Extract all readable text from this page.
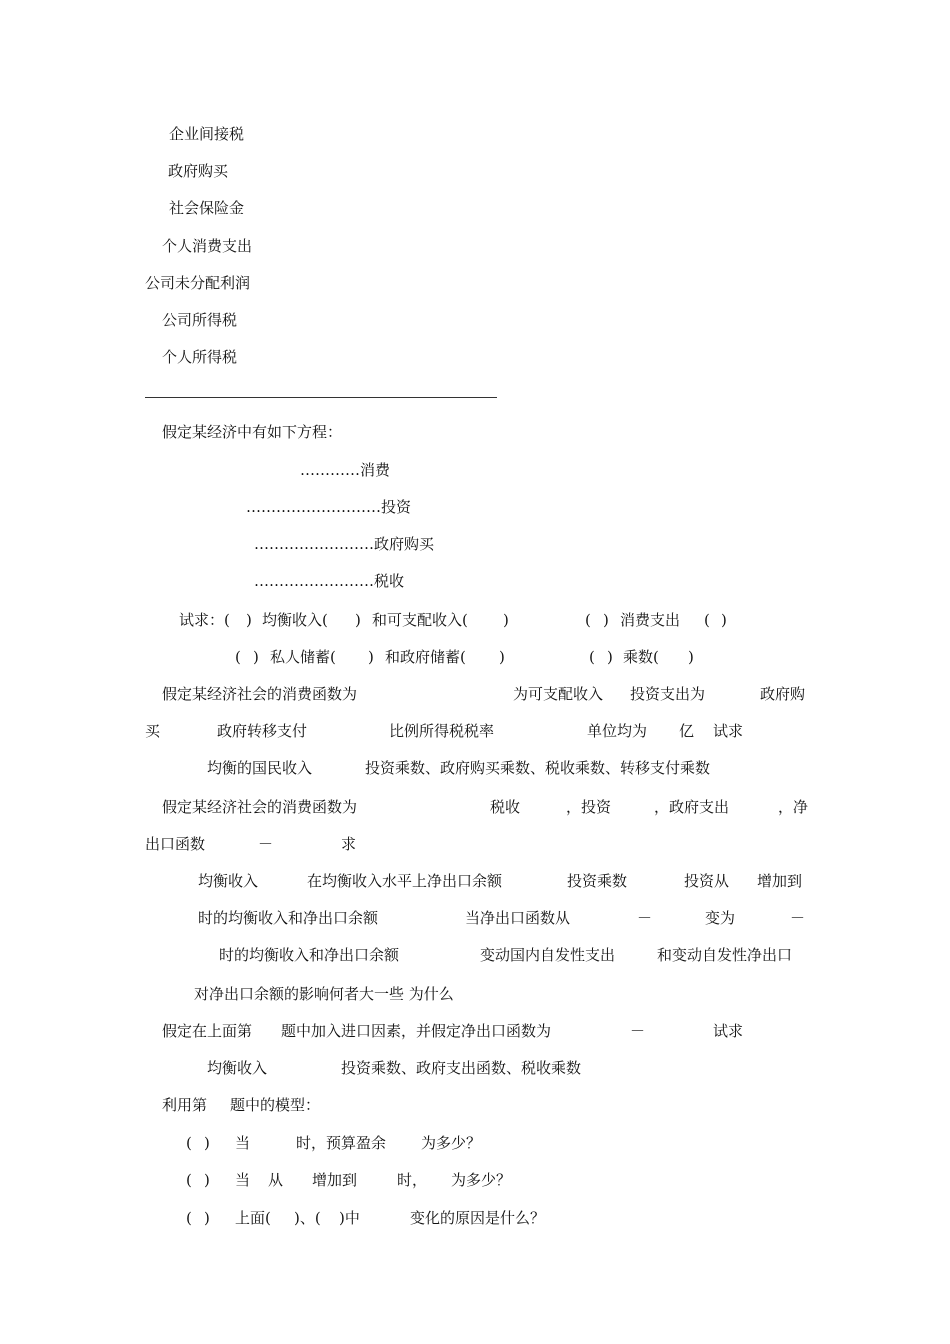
企业间接税
政府购买
社会保险金
个人消费支出
公司未分配利润
公司所得税
个人所得税
假定某经济中有如下方程：
…………消费
………………………投资
……………………政府购买
……………………税收
试求：( ) 均衡收入( ) 和可支配收入( )	( ) 消费支出 ( )
( ) 私人储蓄( ) 和政府储蓄( )	( ) 乘数( )
假定某经济社会的消费函数为	为可支配收入 投资支出为	政府购
买	政府转移支付	比例所得税税率	单位均为 亿 试求
均衡的国民收入	投资乘数、政府购买乘数、税收乘数、转移支付乘数
假定某经济社会的消费函数为	税收	，投资	，政府支出	，净
出口函数	－	求
均衡收入	在均衡收入水平上净出口余额	投资乘数	投资从 增加到
时的均衡收入和净出口余额	当净出口函数从	－	变为	－
时的均衡收入和净出口余额	变动国内自发性支出	和变动自发性净出口
对净出口余额的影响何者大一些 为什么
假定在上面第 题中加入进口因素，并假定净出口函数为	－	试求
均衡收入	投资乘数、政府支出函数、税收乘数
利用第 题中的模型：
( ) 当	时，预算盈余 为多少？
( ) 当 从 增加到	时， 为多少？
( ) 上面( )、( )中	变化的原因是什么？
